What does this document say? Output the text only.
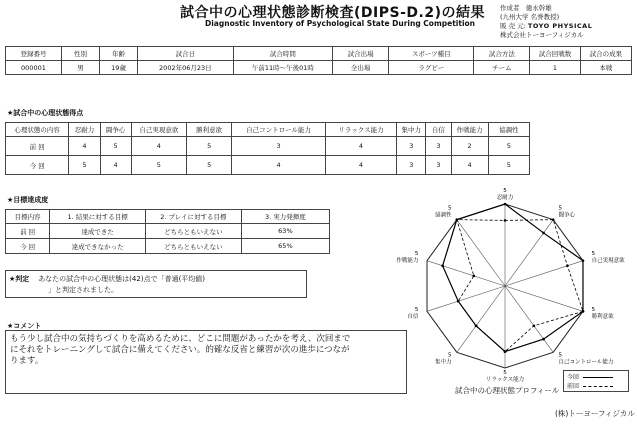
試合中の心理状態診断検査(DIPS-D.2)の結果
Diagnostic Inventory of Psychological State During Competition
作成者 徳永幹雄
(九州大学 名誉教授)
販 売 元: TOYO PHYSICAL
株式会社トーヨーフィジカル
登録番号	性別	年齢	試合日	試合時間	試合出場	スポーツ種目	試合方法	試合回戦数	試合の成果
000001	男	19歳	2002年06月23日	午前11時～午後01時	全出場	ラグビー	チーム	1	本戦
★試合中の心理状態得点
心理状態の内容	忍耐力	闘争心	自己実現意欲	勝利意欲	自己コントロール能力	リラックス能力	集中力	自信	作戦能力	協調性
前 回	4	5	4	5	3	4	3	3	2	5
今 回	5	4	5	5	4	4	3	3	4	5
★目標達成度
目標内容	1. 結果に対する目標	2. プレイに対する目標	3. 実力発揮度
前 回	達成できた	どちらともいえない	63%
今 回	達成できなかった	どちらともいえない	65%
★判定 あなたの試合中の心理状態は(42)点で「普通(平均値)
」と判定されました。
★コメント
もう少し試合中の気持ちづくりを高めるために、どこに問題があったかを考え、次回まで
にそれをトレーニングして試合に備えてください。的確な反省と練習が次の進歩につなが
ります。
5
忍耐力
5
闘争心
5
自己実現意欲
5
勝利意欲
5
自己コントロール能力
5
リラックス能力
5
集中力
5
自信
5
作戦能力
5
協調性
試合中の心理状態プロフィール
今回
前回
(株)トーヨーフィジカル
